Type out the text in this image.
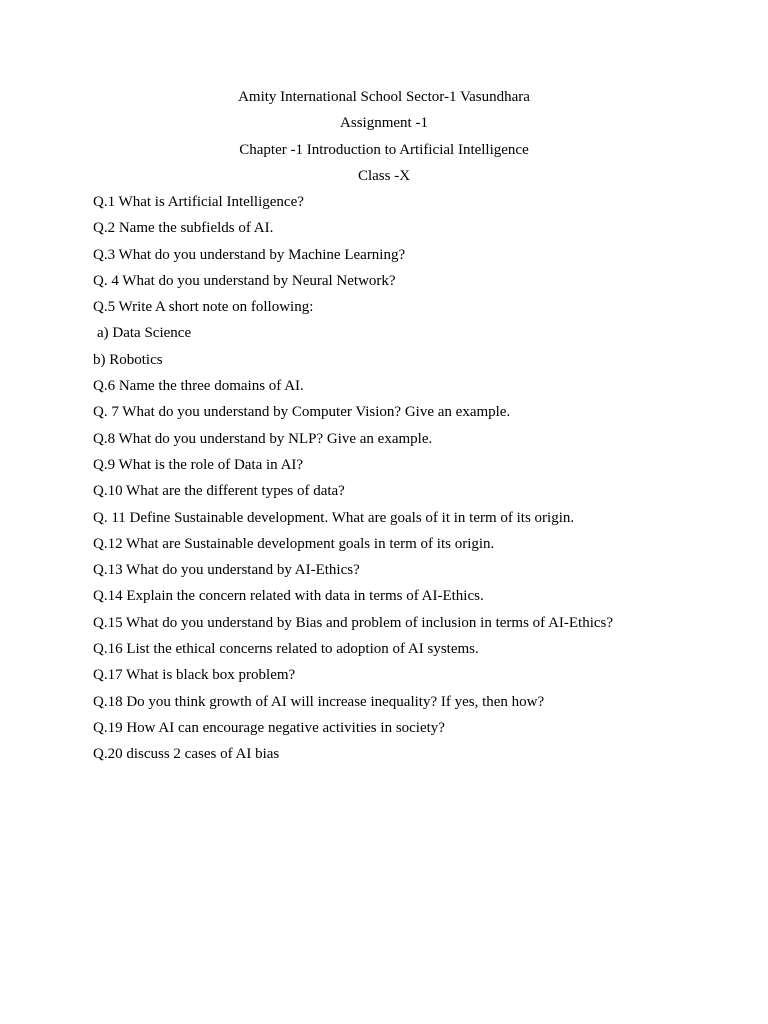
Amity International School Sector-1 Vasundhara
Assignment -1
Chapter -1 Introduction to Artificial Intelligence
Class -X
Q.1 What is Artificial Intelligence?
Q.2 Name the subfields of AI.
Q.3 What do you understand by Machine Learning?
Q. 4 What do you understand by Neural Network?
Q.5 Write A short note on following:
a) Data Science
b) Robotics
Q.6 Name the three domains of AI.
Q. 7 What do you understand by Computer Vision? Give an example.
Q.8 What do you understand by NLP? Give an example.
Q.9 What is the role of Data in AI?
Q.10 What are the different types of data?
Q. 11 Define Sustainable development. What are goals of it in term of its origin.
Q.12 What are Sustainable development goals in term of its origin.
Q.13 What do you understand by AI-Ethics?
Q.14 Explain the concern related with data in terms of AI-Ethics.
Q.15 What do you understand by Bias and problem of inclusion in terms of AI-Ethics?
Q.16 List the ethical concerns related to adoption of AI systems.
Q.17 What is black box problem?
Q.18 Do you think growth of AI will increase inequality? If yes, then how?
Q.19 How AI can encourage negative activities in society?
Q.20 discuss 2 cases of AI bias
